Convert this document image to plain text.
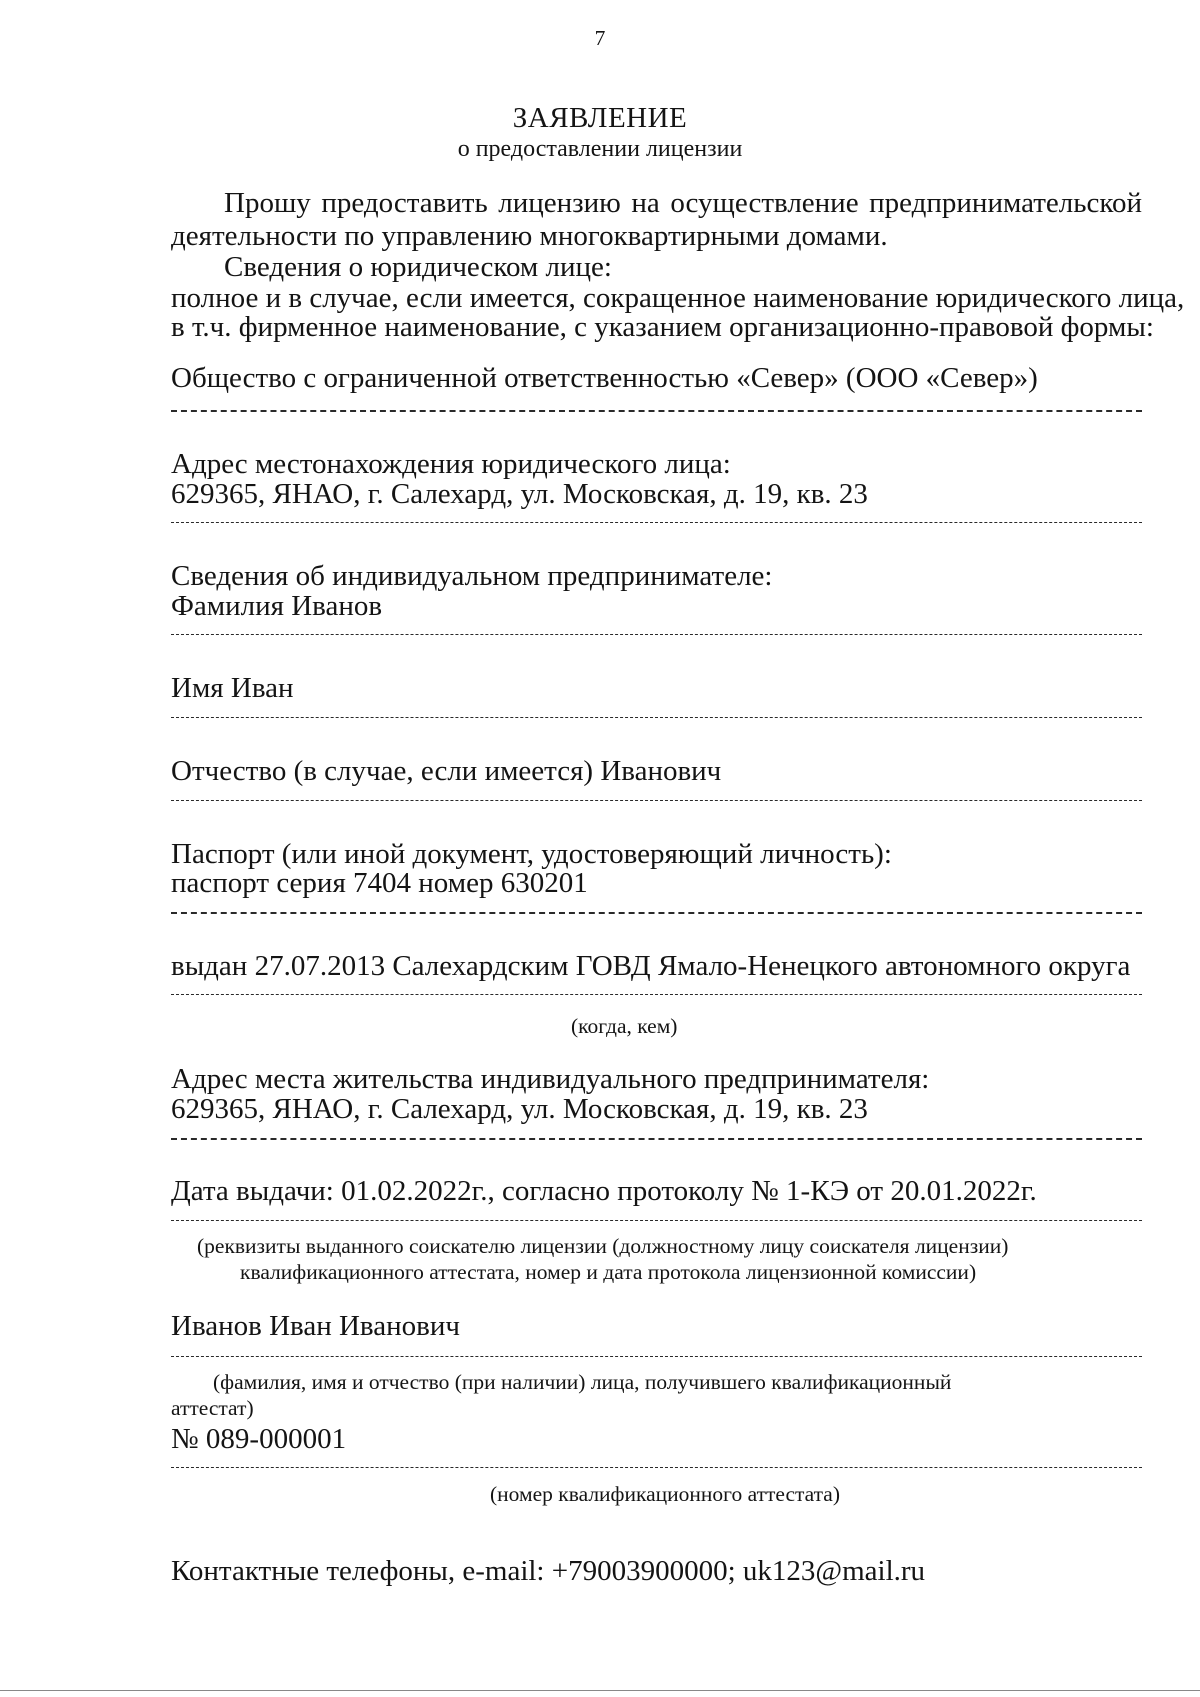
7
ЗАЯВЛЕНИЕ
о предоставлении лицензии
Прошу предоставить лицензию на осуществление предпринимательской
деятельности по управлению многоквартирными домами.
Сведения о юридическом лице:
полное и в случае, если имеется, сокращенное наименование юридического лица,
в т.ч. фирменное наименование, с указанием организационно-правовой формы:
Общество с ограниченной ответственностью «Север» (ООО «Север»)
Адрес местонахождения юридического лица:
629365, ЯНАО, г. Салехард, ул. Московская, д. 19, кв. 23
Сведения об индивидуальном предпринимателе:
Фамилия Иванов
Имя Иван
Отчество (в случае, если имеется) Иванович
Паспорт (или иной документ, удостоверяющий личность):
паспорт серия 7404 номер 630201
выдан 27.07.2013 Салехардским ГОВД Ямало-Ненецкого автономного округа
(когда, кем)
Адрес места жительства индивидуального предпринимателя:
629365, ЯНАО, г. Салехард, ул. Московская, д. 19, кв. 23
Дата выдачи: 01.02.2022г., согласно протоколу № 1-КЭ от 20.01.2022г.
(реквизиты выданного соискателю лицензии (должностному лицу соискателя лицензии)
квалификационного аттестата, номер и дата протокола лицензионной комиссии)
Иванов Иван Иванович
(фамилия, имя и отчество (при наличии) лица, получившего квалификационный
аттестат)
№ 089-000001
(номер квалификационного аттестата)
Контактные телефоны, e-mail: +79003900000; uk123@mail.ru
